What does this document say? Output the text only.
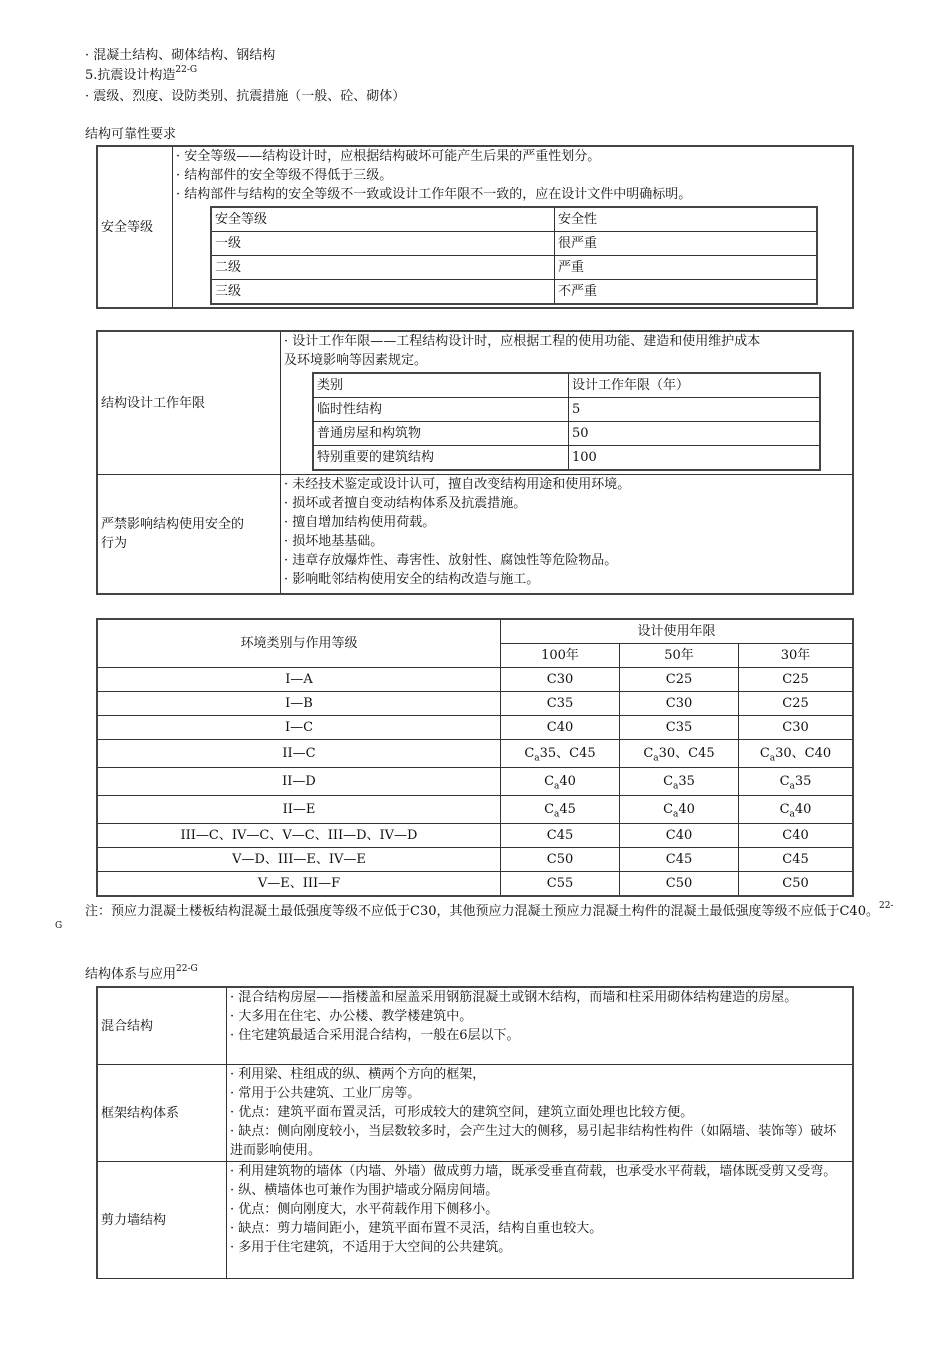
· 混凝土结构、砌体结构、钢结构
5.抗震设计构造$^{22-G}$
· 震级、烈度、设防类别、抗震措施（一般、砼、砌体）
结构可靠性要求
安全等级	
· 安全等级——结构设计时，应根据结构破坏可能产生后果的严重性划分。
· 结构部件的安全等级不得低于三级。
· 结构部件与结构的安全等级不一致或设计工作年限不一致的，应在设计文件中明确标明。
安全等级	安全性
一级	很严重
二级	严重
三级	不严重
结构设计工作年限	
· 设计工作年限——工程结构设计时，应根据工程的使用功能、建造和使用维护成本
及环境影响等因素规定。
类别	设计工作年限（年）
临时性结构	5
普通房屋和构筑物	50
特别重要的建筑结构	100

严禁影响结构使用安全的
行为

· 未经技术鉴定或设计认可，擅自改变结构用途和使用环境。
· 损坏或者擅自变动结构体系及抗震措施。
· 擅自增加结构使用荷载。
· 损坏地基基础。
· 违章存放爆炸性、毒害性、放射性、腐蚀性等危险物品。
· 影响毗邻结构使用安全的结构改造与施工。
环境类别与作用等级	设计使用年限		
	100年	50年	30年
I—A	C30	C25	C25
I—B	C35	C30	C25
I—C	C40	C35	C30
II—C	$C_a35$、C45	$C_a30$、C45	$C_a30$、C40
II—D	$C_a40$	$C_a35$	$C_a35$
II—E	$C_a45$	$C_a40$	$C_a40$
III—C、IV—C、V—C、III—D、IV—D	C45	C40	C40
V—D、III—E、IV—E	C50	C45	C45
V—E、III—F	C55	C50	C50
注：预应力混凝土楼板结构混凝土最低强度等级不应低于C30，其他预应力混凝土预应力混凝土构件的混凝土最低强度等级不应低于C40。$^{22-G}$
结构体系与应用$^{22-G}$
混合结构	· 混合结构房屋——指楼盖和屋盖采用钢筋混凝土或钢木结构，而墙和柱采用砌体结构建造的房屋。
· 大多用在住宅、办公楼、教学楼建筑中。
· 住宅建筑最适合采用混合结构，一般在6层以下。

框架结构体系	· 利用梁、柱组成的纵、横两个方向的框架，
· 常用于公共建筑、工业厂房等。
· 优点：建筑平面布置灵活，可形成较大的建筑空间，建筑立面处理也比较方便。
· 缺点：侧向刚度较小，当层数较多时，会产生过大的侧移，易引起非结构性构件（如隔墙、装饰等）破坏进而影响使用。

剪力墙结构	· 利用建筑物的墙体（内墙、外墙）做成剪力墙，既承受垂直荷载，也承受水平荷载，墙体既受剪又受弯。
· 纵、横墙体也可兼作为围护墙或分隔房间墙。
· 优点：侧向刚度大，水平荷载作用下侧移小。
· 缺点：剪力墙间距小，建筑平面布置不灵活，结构自重也较大。
· 多用于住宅建筑，不适用于大空间的公共建筑。
